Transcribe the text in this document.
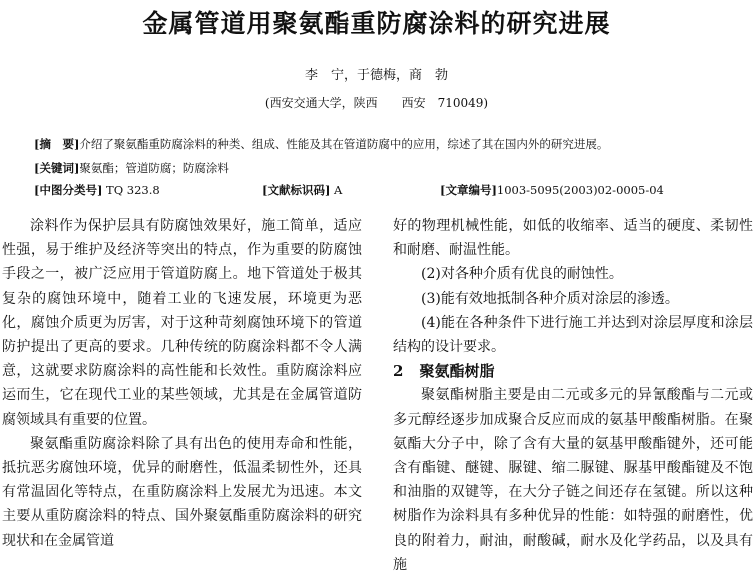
金属管道用聚氨酯重防腐涂料的研究进展
李　宁，于德梅，商　勃
(西安交通大学，陕西　　西安　710049)
[摘　要]介绍了聚氨酯重防腐涂料的种类、组成、性能及其在管道防腐中的应用，综述了其在国内外的研究进展。
[关键词]聚氨酯；管道防腐；防腐涂料
[中图分类号] TQ 323.8	[文献标识码] A	[文章编号]1003-5095(2003)02-0005-04

涂料作为保护层具有防腐蚀效果好，施工简单，适应性强，易于维护及经济等突出的特点，作为重要的防腐蚀手段之一，被广泛应用于管道防腐上。地下管道处于极其复杂的腐蚀环境中，随着工业的飞速发展，环境更为恶化，腐蚀介质更为厉害，对于这种苛刻腐蚀环境下的管道防护提出了更高的要求。几种传统的防腐涂料都不令人满意，这就要求防腐涂料的高性能和长效性。重防腐涂料应运而生，它在现代工业的某些领域，尤其是在金属管道防腐领域具有重要的位置。

聚氨酯重防腐涂料除了具有出色的使用寿命和性能，抵抗恶劣腐蚀环境，优异的耐磨性，低温柔韧性外，还具有常温固化等特点，在重防腐涂料上发展尤为迅速。本文主要从重防腐涂料的特点、国外聚氨酯重防腐涂料的研究现状和在金属管道

好的物理机械性能，如低的收缩率、适当的硬度、柔韧性和耐磨、耐温性能。

(2)对各种介质有优良的耐蚀性。

(3)能有效地抵制各种介质对涂层的渗透。

(4)能在各种条件下进行施工并达到对涂层厚度和涂层结构的设计要求。

2 聚氨酯树脂

聚氨酯树脂主要是由二元或多元的异氰酸酯与二元或多元醇经逐步加成聚合反应而成的氨基甲酸酯树脂。在聚氨酯大分子中，除了含有大量的氨基甲酸酯键外，还可能含有酯键、醚键、脲键、缩二脲键、脲基甲酸酯键及不饱和油脂的双键等，在大分子链之间还存在氢键。所以这种树脂作为涂料具有多种优异的性能：如特强的耐磨性，优良的附着力，耐油，耐酸碱，耐水及化学药品，以及具有施
